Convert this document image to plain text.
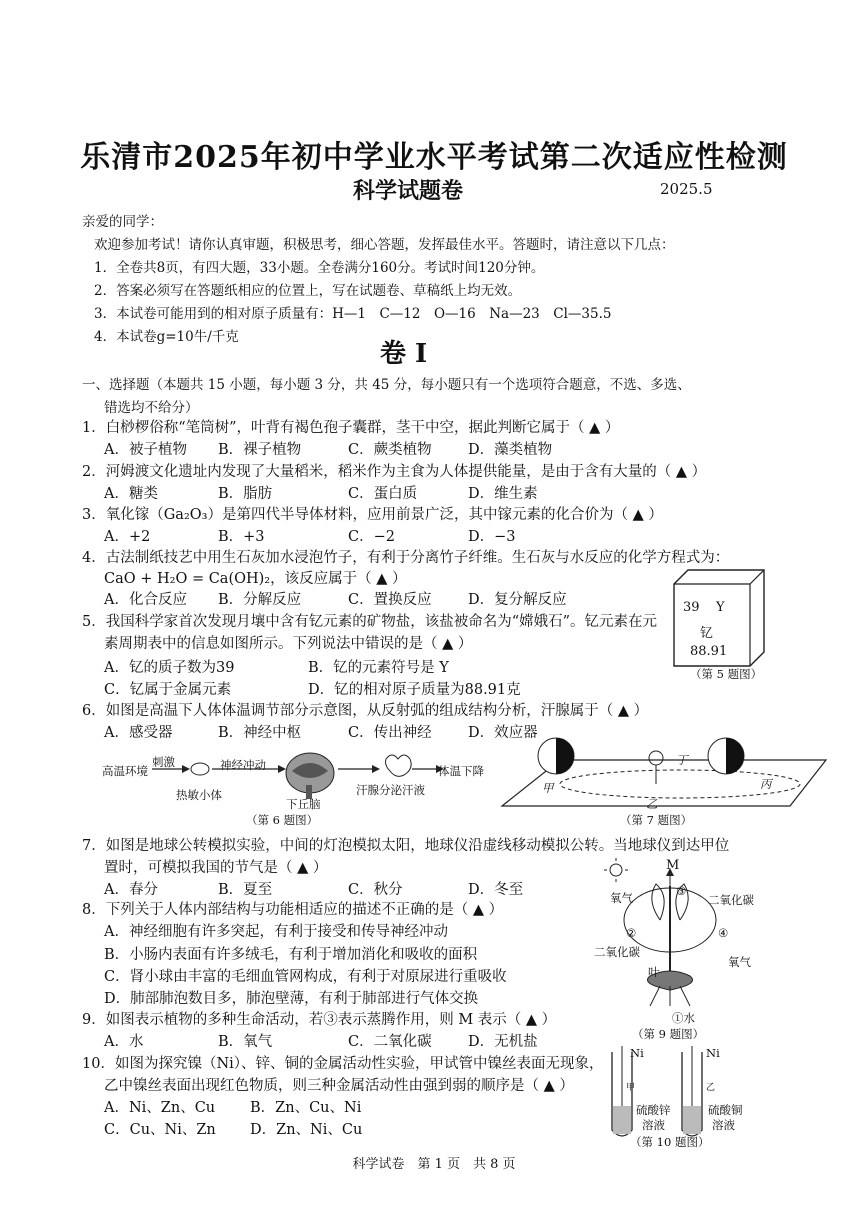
乐清市2025年初中学业水平考试第二次适应性检测
科学试题卷	2025.5
亲爱的同学：
欢迎参加考试！请你认真审题，积极思考，细心答题，发挥最佳水平。答题时，请注意以下几点：
1．全卷共8页，有四大题，33小题。全卷满分160分。考试时间120分钟。
2．答案必须写在答题纸相应的位置上，写在试题卷、草稿纸上均无效。
3．本试卷可能用到的相对原子质量有：H—1　C—12　O—16　Na—23　Cl—35.5
4．本试卷g=10牛/千克
卷 I
一、选择题（本题共 15 小题，每小题 3 分，共 45 分，每小题只有一个选项符合题意，不选、多选、
错选均不给分）
1．白桫椤俗称“笔筒树”，叶背有褐色孢子囊群，茎干中空，据此判断它属于（ ▲ ）
A．被子植物 B．裸子植物	C．蕨类植物	D．藻类植物
2．河姆渡文化遗址内发现了大量稻米，稻米作为主食为人体提供能量，是由于含有大量的（ ▲ ）
A．糖类	B．脂肪	C．蛋白质	D．维生素
3．氧化镓（Ga₂O₃）是第四代半导体材料，应用前景广泛，其中镓元素的化合价为（ ▲ ）
A．+2	B．+3	C．−2	D．−3
4．古法制纸技艺中用生石灰加水浸泡竹子，有利于分离竹子纤维。生石灰与水反应的化学方程式为：
CaO + H₂O = Ca(OH)₂，该反应属于（ ▲ ）
A．化合反应 B．分解反应	C．置换反应	D．复分解反应
5．我国科学家首次发现月壤中含有钇元素的矿物盐，该盐被命名为“嫦娥石”。钇元素在元
素周期表中的信息如图所示。下列说法中错误的是（ ▲ ）
A．钇的质子数为39	B．钇的元素符号是 Y
C．钇属于金属元素	D．钇的相对原子质量为88.91克
39 Y
钇
88.91
（第 5 题图）
6．如图是高温下人体体温调节部分示意图，从反射弧的组成结构分析，汗腺属于（ ▲ ）
A．感受器	B．神经中枢	C．传出神经	D．效应器
高温环境
刺激
热敏小体
神经冲动
下丘脑
汗腺分泌汗液
体温下降
（第 6 题图）
甲
乙
丙
丁
（第 7 题图）
7．如图是地球公转模拟实验，中间的灯泡模拟太阳，地球仪沿虚线移动模拟公转。当地球仪到达甲位
置时，可模拟我国的节气是（ ▲ ）
A．春分	B．夏至	C．秋分	D．冬至
8．下列关于人体内部结构与功能相适应的描述不正确的是（ ▲ ）
A．神经细胞有许多突起，有利于接受和传导神经冲动
B．小肠内表面有许多绒毛，有利于增加消化和吸收的面积
C．肾小球由丰富的毛细血管网构成，有利于对原尿进行重吸收
D．肺部肺泡数目多，肺泡壁薄，有利于肺部进行气体交换
9．如图表示植物的多种生命活动，若③表示蒸腾作用，则 M 表示（ ▲ ）
A．水	B．氧气	C．二氧化碳	D．无机盐
M
氧气	二氧化碳
二氧化碳
氧气
叶
③
②	④
①水
（第 9 题图）
10．如图为探究镍（Ni）、锌、铜的金属活动性实验，甲试管中镍丝表面无现象，
乙中镍丝表面出现红色物质，则三种金属活动性由强到弱的顺序是（ ▲ ）
A．Ni、Zn、Cu B．Zn、Cu、Ni
C．Cu、Ni、Zn D．Zn、Ni、Cu
Ni	Ni
甲	乙
硫酸锌
溶液
硫酸铜
溶液
（第 10 题图）
科学试卷　第 1 页　共 8 页
